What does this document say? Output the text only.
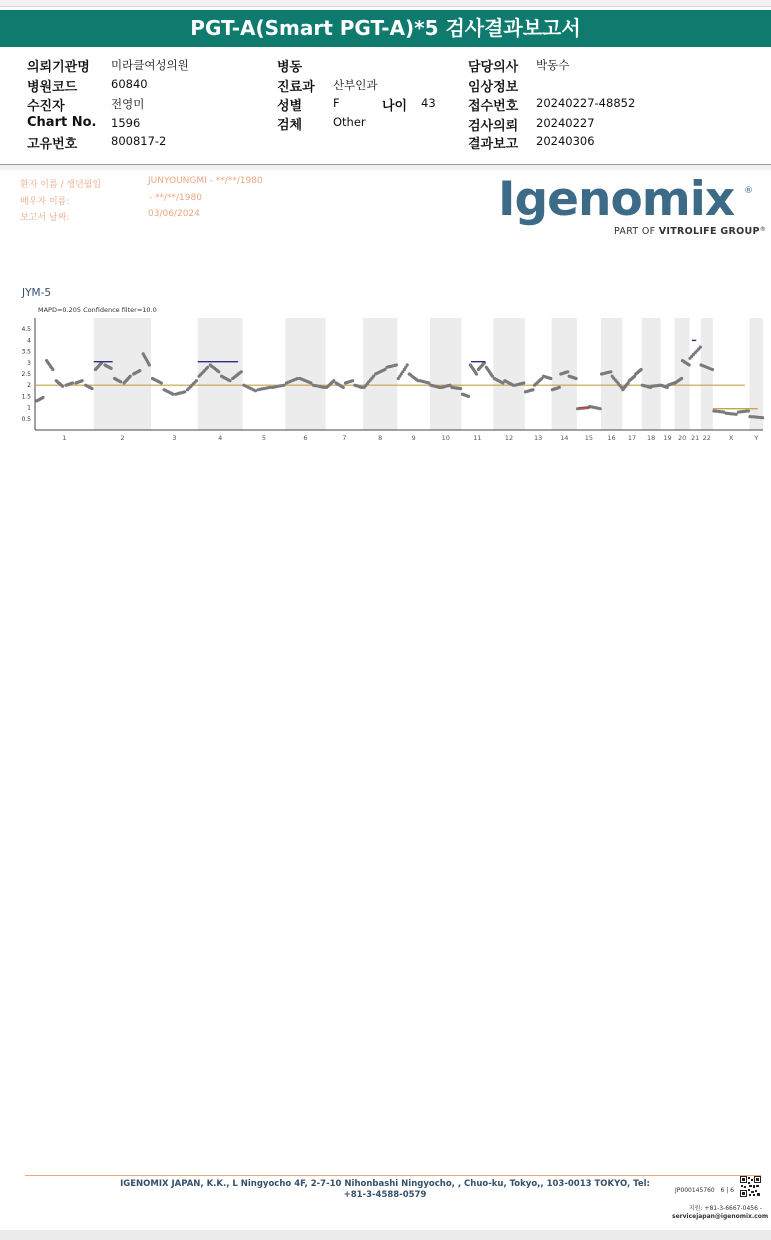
PGT-A(Smart PGT-A)*5 검사결과보고서
의뢰기관명 미라클여성의원
병원코드	60840
수진자	전영미
Chart No. 1596
고유번호	800817-2
병동
진료과 산부인과
성별	F	나이 43
검체	Other
담당의사 박동수
임상정보
접수번호 20240227-48852
검사의뢰 20240227
결과보고 20240306
환자 이름 / 생년월일	JUNYOUNGMI - **/**/1980
배우자 이름:	- **/**/1980
보고서 날짜:	03/06/2024	Igenomix ®
PART OF VITROLIFE GROUP®
JYM-5
MAPD=0.205 Confidence filter=10.0
0.5
1
1.5
2
2.5
3
3.5
4
4.5
1	2	3	4	5	6	7	8	9	10	11	12	13	14	15 16 17 18 19 20 21 22	X	Y
IGENOMIX JAPAN, K.K., L Ningyocho 4F, 2-7-10 Nihonbashi Ningyocho, , Chuo-ku, Tokyo,, 103-0013 TOKYO, Tel: +81-3-4588-0579	JP000145760 6 | 6
지원: +81-3-6667-0456 -
servicejapan@igenomix.com
